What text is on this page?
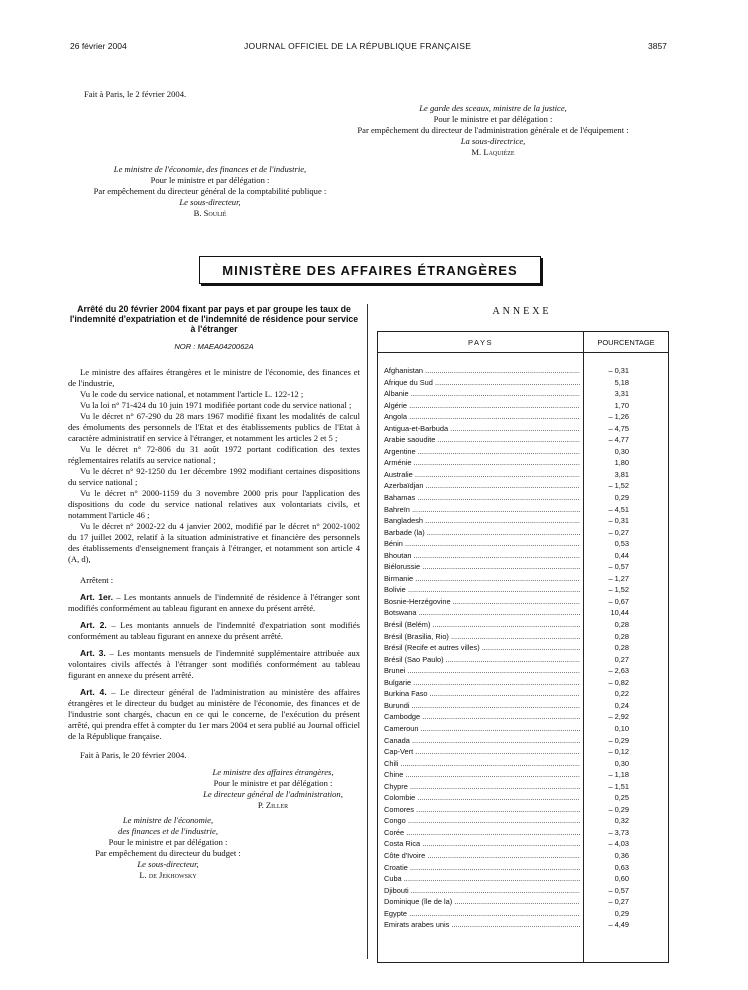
26 février 2004	JOURNAL OFFICIEL DE LA RÉPUBLIQUE FRANÇAISE	3857
Fait à Paris, le 2 février 2004.

Le garde des sceaux, ministre de la justice,

Pour le ministre et par délégation :

Par empêchement du directeur de l'administration générale et de l'équipement :

La sous-directrice,

M. Laquièze

Le ministre de l'économie, des finances et de l'industrie,

Pour le ministre et par délégation :

Par empêchement du directeur général de la comptabilité publique :

Le sous-directeur,

B. Soulié

MINISTÈRE DES AFFAIRES ÉTRANGÈRES
Arrêté du 20 février 2004 fixant par pays et par groupe les taux de l'indemnité d'expatriation et de l'indemnité de résidence pour service à l'étranger
NOR : MAEA0420062A

Le ministre des affaires étrangères et le ministre de l'économie, des finances et de l'industrie,

Vu le code du service national, et notamment l'article L. 122-12 ;

Vu la loi n° 71-424 du 10 juin 1971 modifiée portant code du service national ;

Vu le décret n° 67-290 du 28 mars 1967 modifié fixant les modalités de calcul des émoluments des personnels de l'Etat et des établissements publics de l'Etat à caractère administratif en service à l'étranger, et notamment les articles 2 et 5 ;

Vu le décret n° 72-806 du 31 août 1972 portant codification des textes réglementaires relatifs au service national ;

Vu le décret n° 92-1250 du 1er décembre 1992 modifiant certaines dispositions du service national ;

Vu le décret n° 2000-1159 du 3 novembre 2000 pris pour l'application des dispositions du code du service national relatives aux volontariats civils, et notamment l'article 46 ;

Vu le décret n° 2002-22 du 4 janvier 2002, modifié par le décret n° 2002-1002 du 17 juillet 2002, relatif à la situation administrative et financière des personnels des établissements d'enseignement français à l'étranger, et notamment son article 4 (A, d),

Arrêtent :

Art. 1er. – Les montants annuels de l'indemnité de résidence à l'étranger sont modifiés conformément au tableau figurant en annexe du présent arrêté.

Art. 2. – Les montants annuels de l'indemnité d'expatriation sont modifiés conformément au tableau figurant en annexe du présent arrêté.

Art. 3. – Les montants mensuels de l'indemnité supplémentaire attribuée aux volontaires civils affectés à l'étranger sont modifiés conformément au tableau figurant en annexe du présent arrêté.

Art. 4. – Le directeur général de l'administration au ministère des affaires étrangères et le directeur du budget au ministère de l'économie, des finances et de l'industrie sont chargés, chacun en ce qui le concerne, de l'exécution du présent arrêté, qui prendra effet à compter du 1er mars 2004 et sera publié au Journal officiel de la République française.

Fait à Paris, le 20 février 2004.

Le ministre des affaires étrangères,

Pour le ministre et par délégation :

Le directeur général de l'administration,

P. Ziller

Le ministre de l'économie,

des finances et de l'industrie,

Pour le ministre et par délégation :

Par empêchement du directeur du budget :

Le sous-directeur,

L. de Jekhowsky

ANNEXE
PAYS	POURCENTAGE
Afghanistan .....	– 0,31
Afrique du Sud .....	5,18
Albanie .....	3,31
Algérie .....	1,70
Angola .....	– 1,26
Antigua-et-Barbuda .....	– 4,75
Arabie saoudite .....	– 4,77
Argentine .....	0,30
Arménie .....	1,80
Australie .....	3,81
Azerbaïdjan .....	– 1,52
Bahamas .....	0,29
Bahreïn .....	– 4,51
Bangladesh .....	– 0,31
Barbade (la) .....	– 0,27
Bénin .....	0,53
Bhoutan .....	0,44
Biélorussie .....	– 0,57
Birmanie .....	– 1,27
Bolivie .....	– 1,52
Bosnie-Herzégovine .....	– 0,67
Botswana .....	10,44
Brésil (Belém) .....	0,28
Brésil (Brasilia, Rio) .....	0,28
Brésil (Recife et autres villes) .....	0,28
Brésil (Sao Paulo) .....	0,27
Brunei .....	– 2,63
Bulgarie .....	– 0,82
Burkina Faso .....	0,22
Burundi .....	0,24
Cambodge .....	– 2,92
Cameroun .....	0,10
Canada .....	– 0,29
Cap-Vert .....	– 0,12
Chili .....	0,30
Chine .....	– 1,18
Chypre .....	– 1,51
Colombie .....	0,25
Comores .....	– 0,29
Congo .....	0,32
Corée .....	– 3,73
Costa Rica .....	– 4,03
Côte d'Ivoire .....	0,36
Croatie .....	0,63
Cuba .....	0,60
Djibouti .....	– 0,57
Dominique (île de la) .....	– 0,27
Egypte .....	0,29
Emirats arabes unis .....	– 4,49
